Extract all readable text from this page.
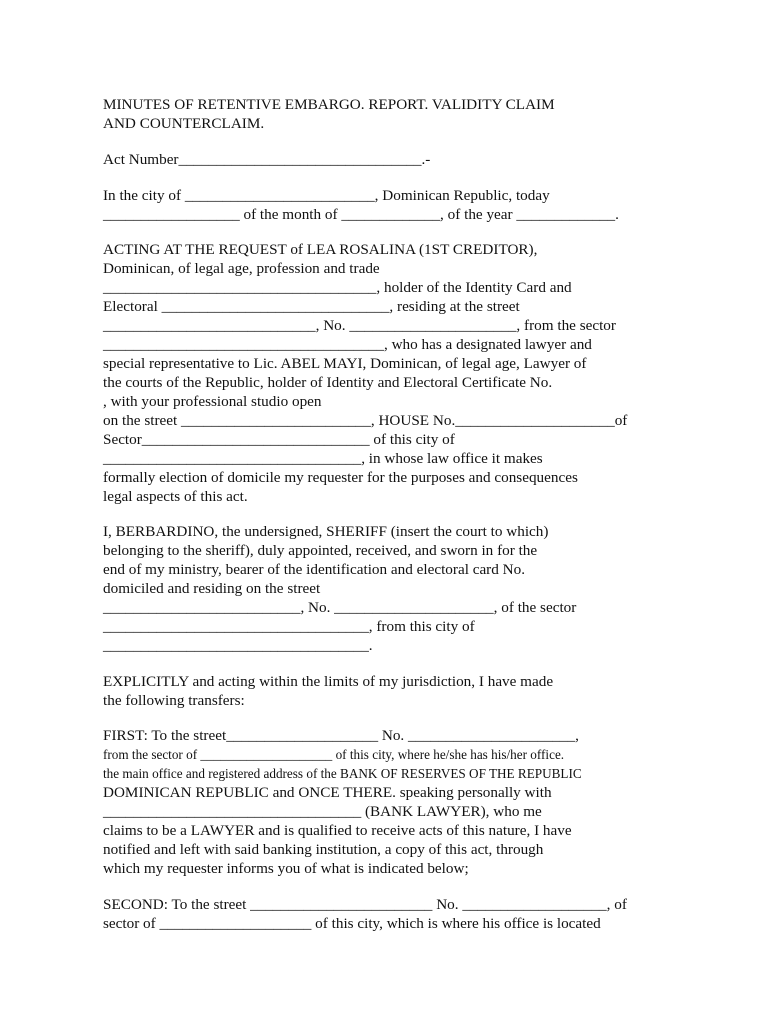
MINUTES OF RETENTIVE EMBARGO. REPORT. VALIDITY CLAIM
AND COUNTERCLAIM.
Act Number________________________________.-
In the city of _________________________, Dominican Republic, today
__________________ of the month of _____________, of the year _____________.
ACTING AT THE REQUEST of LEA ROSALINA (1ST CREDITOR),
Dominican, of legal age, profession and trade
____________________________________, holder of the Identity Card and
Electoral ______________________________, residing at the street
____________________________, No. ______________________, from the sector
_____________________________________, who has a designated lawyer and
special representative to Lic. ABEL MAYI, Dominican, of legal age, Lawyer of
the courts of the Republic, holder of Identity and Electoral Certificate No.
, with your professional studio open
on the street _________________________, HOUSE No._____________________of
Sector______________________________ of this city of
__________________________________, in whose law office it makes
formally election of domicile my requester for the purposes and consequences
legal aspects of this act.
I, BERBARDINO, the undersigned, SHERIFF (insert the court to which)
belonging to the sheriff), duly appointed, received, and sworn in for the
end of my ministry, bearer of the identification and electoral card No.
domiciled and residing on the street
__________________________, No. _____________________, of the sector
___________________________________, from this city of
___________________________________.
EXPLICITLY and acting within the limits of my jurisdiction, I have made
the following transfers:
FIRST: To the street____________________ No. ______________________,
from the sector of ____________________ of this city, where he/she has his/her office.
the main office and registered address of the BANK OF RESERVES OF THE REPUBLIC
DOMINICAN REPUBLIC and ONCE THERE. speaking personally with
__________________________________ (BANK LAWYER), who me
claims to be a LAWYER and is qualified to receive acts of this nature, I have
notified and left with said banking institution, a copy of this act, through
which my requester informs you of what is indicated below;
SECOND: To the street ________________________ No. ___________________, of
sector of ____________________ of this city, which is where his office is located
